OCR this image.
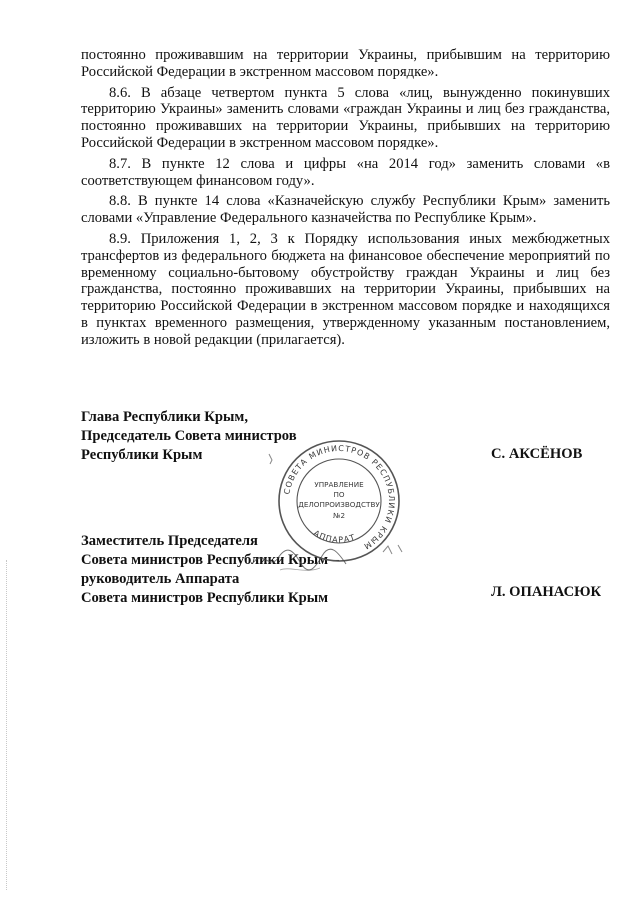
постоянно проживавшим на территории Украины, прибывшим на территорию Российской Федерации в экстренном массовом порядке».

8.6. В абзаце четвертом пункта 5 слова «лиц, вынужденно покинувших территорию Украины» заменить словами «граждан Украины и лиц без гражданства, постоянно проживавших на территории Украины, прибывших на территорию Российской Федерации в экстренном массовом порядке».

8.7. В пункте 12 слова и цифры «на 2014 год» заменить словами «в соответствующем финансовом году».

8.8. В пункте 14 слова «Казначейскую службу Республики Крым» заменить словами «Управление Федерального казначейства по Республике Крым».

8.9. Приложения 1, 2, 3 к Порядку использования иных межбюджетных трансфертов из федерального бюджета на финансовое обеспечение мероприятий по временному социально-бытовому обустройству граждан Украины и лиц без гражданства, постоянно проживавших на территории Украины, прибывших на территорию Российской Федерации в экстренном массовом порядке и находящихся в пунктах временного размещения, утвержденному указанным постановлением, изложить в новой редакции (прилагается).

Глава Республики Крым,
Председатель Совета министров
Республики Крым	С. АКСЁНОВ
Заместитель Председателя
Совета министров Республики Крым –
руководитель Аппарата
Совета министров Республики Крым	Л. ОПАНАСЮК
СОВЕТА МИНИСТРОВ РЕСПУБЛИКИ КРЫМ
АППАРАТ
УПРАВЛЕНИЕ
ПО
ДЕЛОПРОИЗВОДСТВУ
№2
